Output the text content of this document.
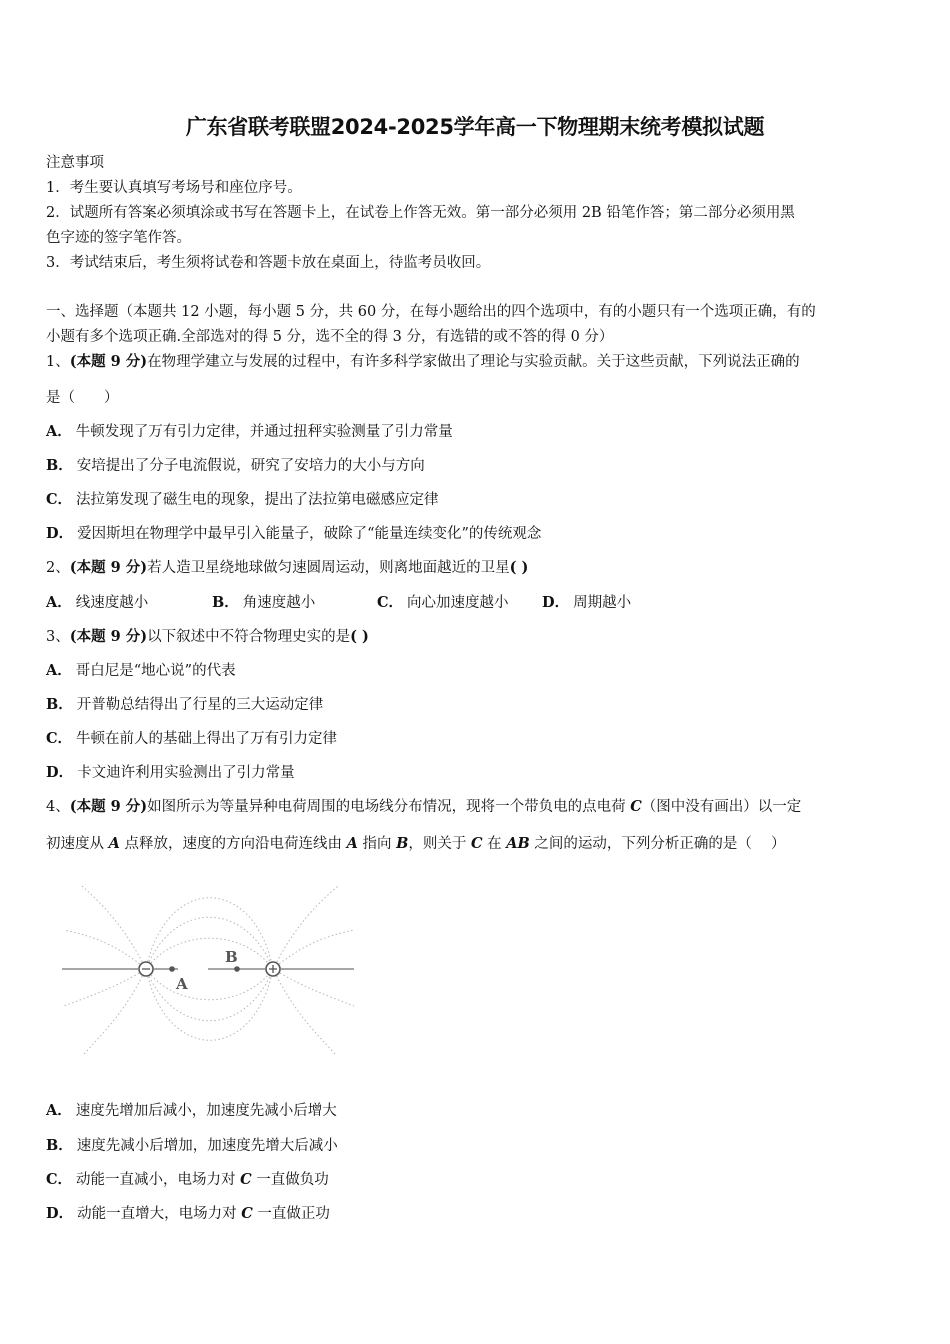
广东省联考联盟2024-2025学年高一下物理期末统考模拟试题
注意事项
1．考生要认真填写考场号和座位序号。
2．试题所有答案必须填涂或书写在答题卡上，在试卷上作答无效。第一部分必须用 2B 铅笔作答；第二部分必须用黑
色字迹的签字笔作答。
3．考试结束后，考生须将试卷和答题卡放在桌面上，待监考员收回。
一、选择题（本题共 12 小题，每小题 5 分，共 60 分，在每小题给出的四个选项中，有的小题只有一个选项正确，有的
小题有多个选项正确.全部选对的得 5 分，选不全的得 3 分，有选错的或不答的得 0 分）
1、(本题 9 分)在物理学建立与发展的过程中，有许多科学家做出了理论与实验贡献。关于这些贡献，下列说法正确的
是（　　）
A． 牛顿发现了万有引力定律，并通过扭秤实验测量了引力常量
B． 安培提出了分子电流假说，研究了安培力的大小与方向
C． 法拉第发现了磁生电的现象，提出了法拉第电磁感应定律
D． 爱因斯坦在物理学中最早引入能量子，破除了“能量连续变化”的传统观念
2、(本题 9 分)若人造卫星绕地球做匀速圆周运动，则离地面越近的卫星( )
A． 线速度越小	B． 角速度越小	C． 向心加速度越小 D． 周期越小
3、(本题 9 分)以下叙述中不符合物理史实的是( )
A． 哥白尼是“地心说”的代表
B． 开普勒总结得出了行星的三大运动定律
C． 牛顿在前人的基础上得出了万有引力定律
D． 卡文迪许利用实验测出了引力常量
4、(本题 9 分)如图所示为等量异种电荷周围的电场线分布情况，现将一个带负电的点电荷 C（图中没有画出）以一定
初速度从 A 点释放，速度的方向沿电荷连线由 A 指向 B，则关于 C 在 AB 之间的运动，下列分析正确的是（　 ）
A
B
A． 速度先增加后减小，加速度先减小后增大
B． 速度先减小后增加，加速度先增大后减小
C． 动能一直减小，电场力对 C 一直做负功
D． 动能一直增大，电场力对 C 一直做正功
